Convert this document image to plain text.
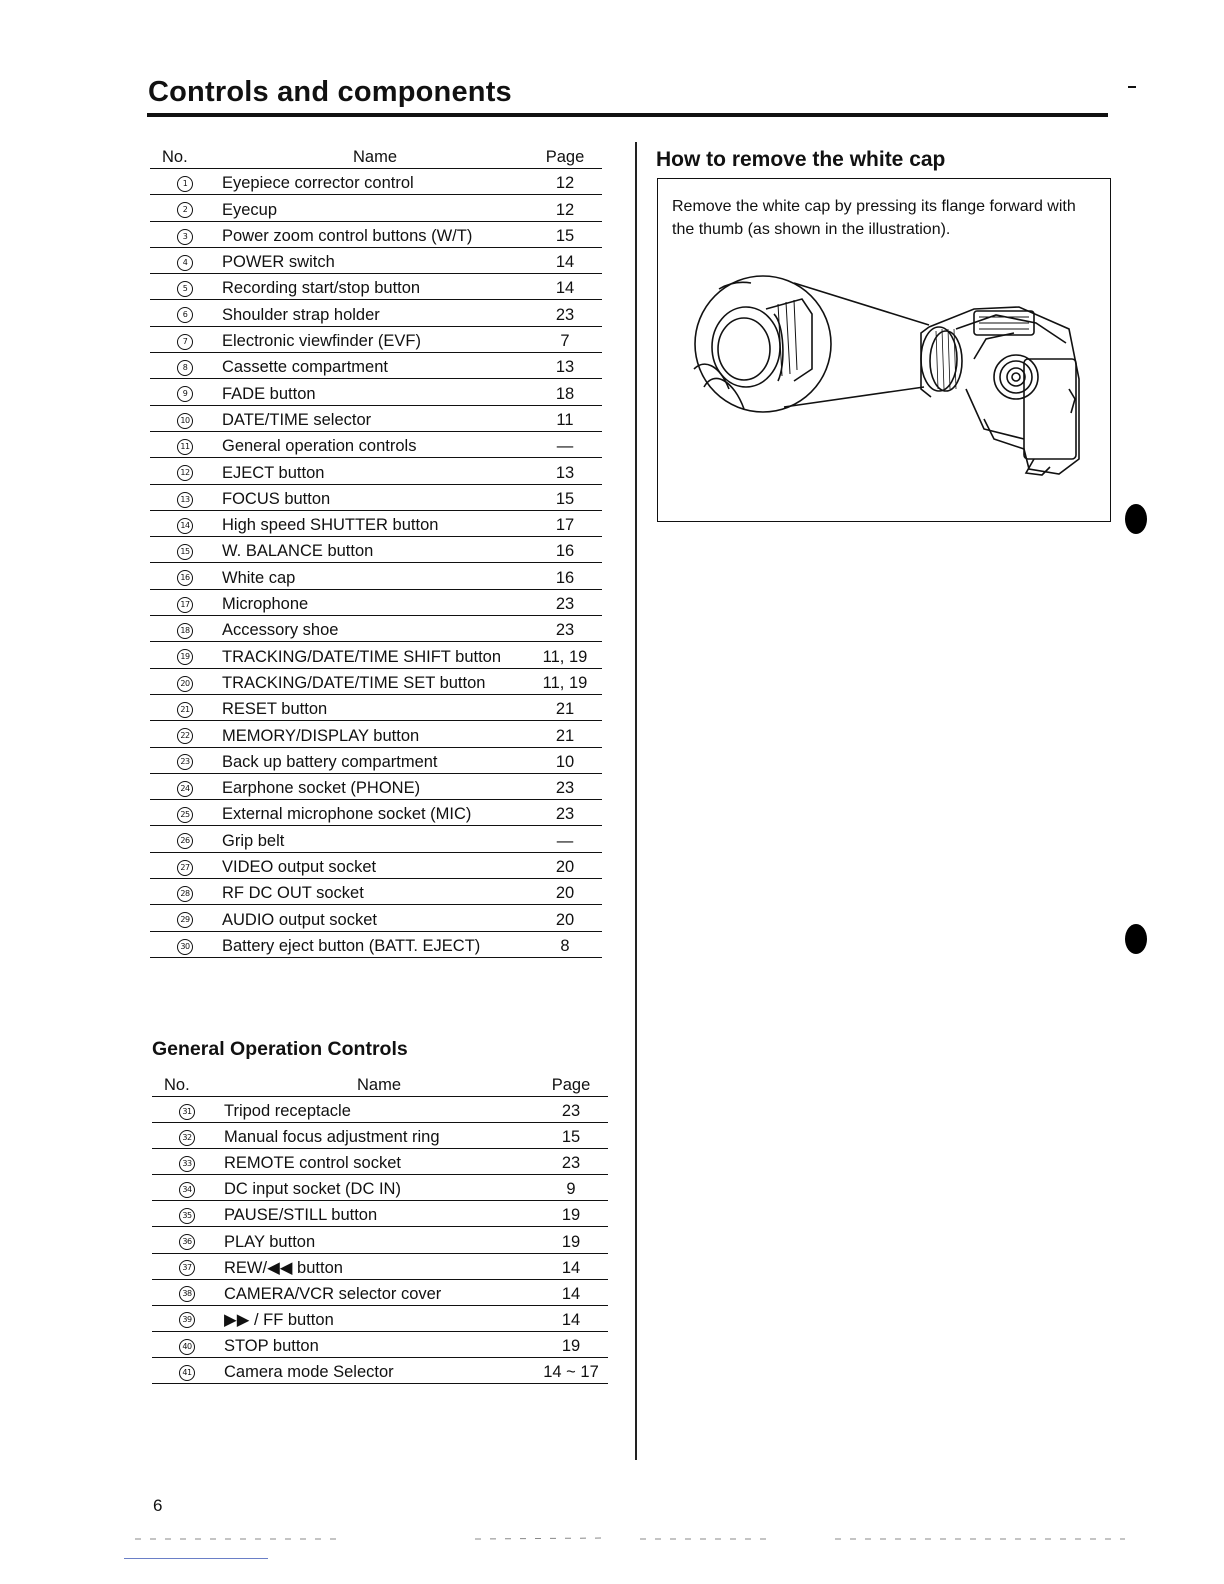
Controls and components
No.	Name	Page
1	Eyepiece corrector control	12
2	Eyecup	12
3	Power zoom control buttons (W/T)	15
4	POWER switch	14
5	Recording start/stop button	14
6	Shoulder strap holder	23
7	Electronic viewfinder (EVF)	7
8	Cassette compartment	13
9	FADE button	18
10	DATE/TIME selector	11
11	General operation controls	—
12	EJECT button	13
13	FOCUS button	15
14	High speed SHUTTER button	17
15	W. BALANCE button	16
16	White cap	16
17	Microphone	23
18	Accessory shoe	23
19	TRACKING/DATE/TIME SHIFT button	11, 19
20	TRACKING/DATE/TIME SET button	11, 19
21	RESET button	21
22	MEMORY/DISPLAY button	21
23	Back up battery compartment	10
24	Earphone socket (PHONE)	23
25	External microphone socket (MIC)	23
26	Grip belt	—
27	VIDEO output socket	20
28	RF DC OUT socket	20
29	AUDIO output socket	20
30	Battery eject button (BATT. EJECT)	8
General Operation Controls
No.	Name	Page
31	Tripod receptacle	23
32	Manual focus adjustment ring	15
33	REMOTE control socket	23
34	DC input socket (DC IN)	9
35	PAUSE/STILL button	19
36	PLAY button	19
37	REW/◀◀ button	14
38	CAMERA/VCR selector cover	14
39	▶▶ / FF button	14
40	STOP button	19
41	Camera mode Selector	14 ~ 17
How to remove the white cap
Remove the white cap by pressing its flange forward with the thumb (as shown in the illustration).
6
